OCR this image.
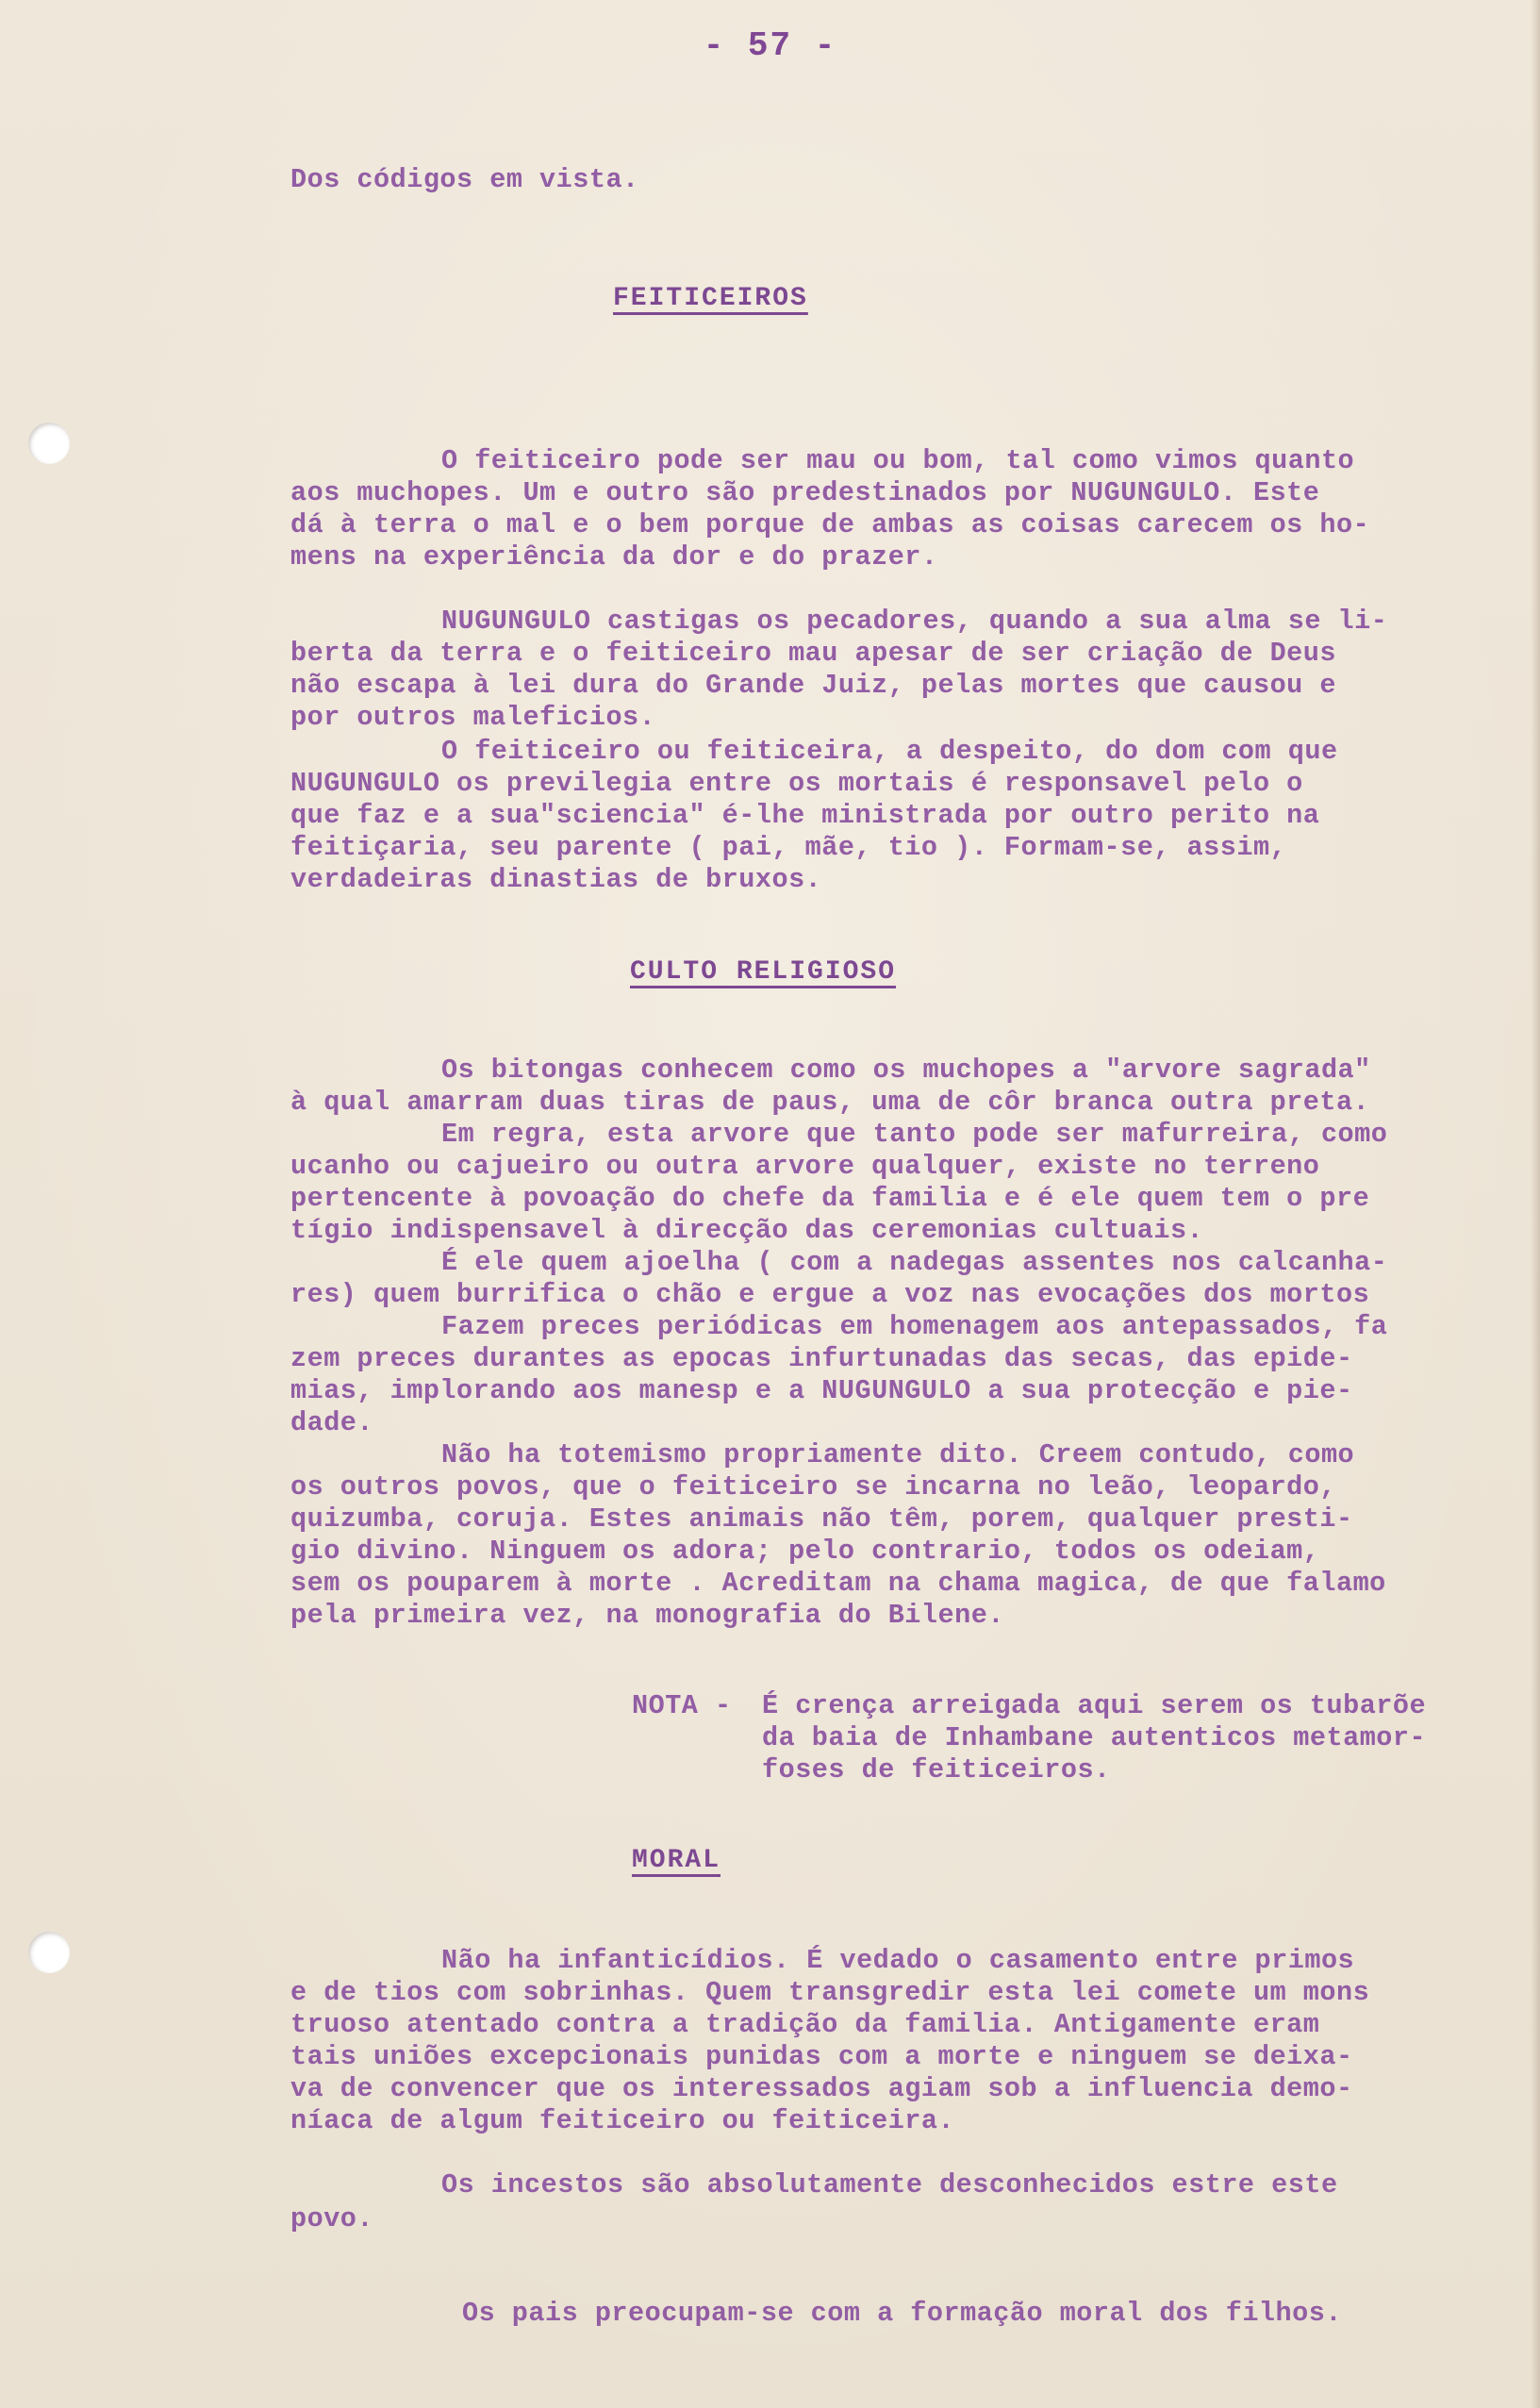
- 57 -
Dos códigos em vista.
FEITICEIROS
O feiticeiro pode ser mau ou bom, tal como vimos quanto
aos muchopes. Um e outro são predestinados por NUGUNGULO. Este
dá à terra o mal e o bem porque de ambas as coisas carecem os ho-
mens na experiência da dor e do prazer.
NUGUNGULO castigas os pecadores, quando a sua alma se li-
berta da terra e o feiticeiro mau apesar de ser criação de Deus
não escapa à lei dura do Grande Juiz, pelas mortes que causou e
por outros maleficios.
O feiticeiro ou feiticeira, a despeito, do dom com que
NUGUNGULO os previlegia entre os mortais é responsavel pelo o
que faz e a sua"sciencia" é-lhe ministrada por outro perito na
feitiçaria, seu parente ( pai, mãe, tio ). Formam-se, assim,
verdadeiras dinastias de bruxos.
CULTO RELIGIOSO
Os bitongas conhecem como os muchopes a "arvore sagrada"
à qual amarram duas tiras de paus, uma de côr branca outra preta.
Em regra, esta arvore que tanto pode ser mafurreira, como
ucanho ou cajueiro ou outra arvore qualquer, existe no terreno
pertencente à povoação do chefe da familia e é ele quem tem o pre
tígio indispensavel à direcção das ceremonias cultuais.
É ele quem ajoelha ( com a nadegas assentes nos calcanha-
res) quem burrifica o chão e ergue a voz nas evocações dos mortos
Fazem preces periódicas em homenagem aos antepassados, fa
zem preces durantes as epocas infurtunadas das secas, das epide-
mias, implorando aos manesp e a NUGUNGULO a sua protecção e pie-
dade.
Não ha totemismo propriamente dito. Creem contudo, como
os outros povos, que o feiticeiro se incarna no leão, leopardo,
quizumba, coruja. Estes animais não têm, porem, qualquer presti-
gio divino. Ninguem os adora; pelo contrario, todos os odeiam,
sem os pouparem à morte . Acreditam na chama magica, de que falamo
pela primeira vez, na monografia do Bilene.
NOTA - É crença arreigada aqui serem os tubarõe
da baia de Inhambane autenticos metamor-
foses de feiticeiros.
MORAL
Não ha infanticídios. É vedado o casamento entre primos
e de tios com sobrinhas. Quem transgredir esta lei comete um mons
truoso atentado contra a tradição da familia. Antigamente eram
tais uniões excepcionais punidas com a morte e ninguem se deixa-
va de convencer que os interessados agiam sob a influencia demo-
níaca de algum feiticeiro ou feiticeira.
Os incestos são absolutamente desconhecidos estre este
povo.
Os pais preocupam-se com a formação moral dos filhos.
